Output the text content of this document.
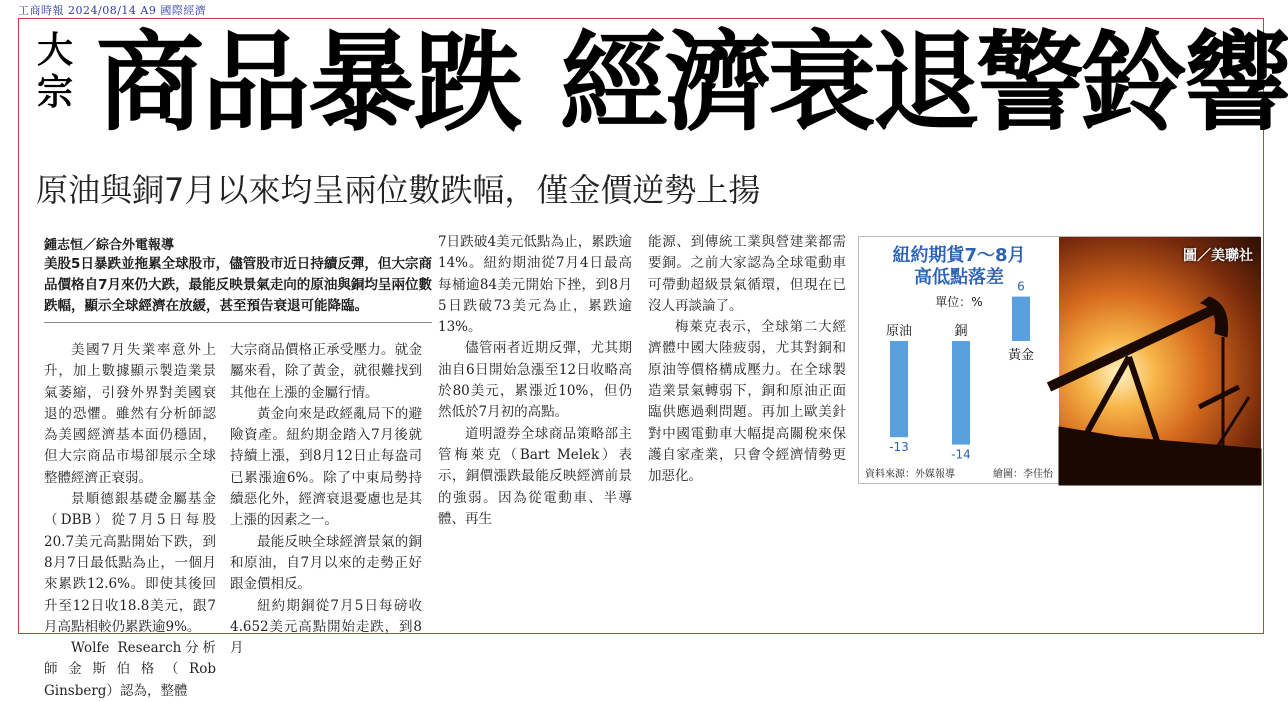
工商時報 2024/08/14 A9 國際經濟
大
宗 商品暴跌 經濟衰退警鈴響
原油與銅7月以來均呈兩位數跌幅，僅金價逆勢上揚
鍾志恒／綜合外電報導
美股5日暴跌並拖累全球股市，儘管股市近日持續反彈，但大宗商品價格自7月來仍大跌，最能反映景氣走向的原油與銅均呈兩位數跌幅，顯示全球經濟在放緩，甚至預告衰退可能降臨。

美國7月失業率意外上升，加上數據顯示製造業景氣萎縮，引發外界對美國衰退的恐懼。雖然有分析師認為美國經濟基本面仍穩固，但大宗商品市場卻展示全球整體經濟正衰弱。

景順德銀基礎金屬基金（DBB）從7月5日每股20.7美元高點開始下跌，到8月7日最低點為止，一個月來累跌12.6%。即使其後回升至12日收18.8美元，跟7月高點相較仍累跌逾9%。

Wolfe Research分析師金斯伯格（Rob Ginsberg）認為，整體

大宗商品價格正承受壓力。就金屬來看，除了黃金，就很難找到其他在上漲的金屬行情。

黃金向來是政經亂局下的避險資產。紐約期金踏入7月後就持續上漲，到8月12日止每盎司已累漲逾6%。除了中東局勢持續惡化外，經濟衰退憂慮也是其上漲的因素之一。

最能反映全球經濟景氣的銅和原油，自7月以來的走勢正好跟金價相反。

紐約期銅從7月5日每磅收4.652美元高點開始走跌，到8月

7日跌破4美元低點為止，累跌逾14%。紐約期油從7月4日最高每桶逾84美元開始下挫，到8月5日跌破73美元為止，累跌逾13%。

儘管兩者近期反彈，尤其期油自6日開始急漲至12日收略高於80美元，累漲近10%，但仍然低於7月初的高點。

道明證券全球商品策略部主管梅萊克（Bart Melek）表示，銅價漲跌最能反映經濟前景的強弱。因為從電動車、半導體、再生

能源、到傳統工業與營建業都需要銅。之前大家認為全球電動車可帶動超級景氣循環，但現在已沒人再談論了。

梅萊克表示，全球第二大經濟體中國大陸疲弱，尤其對銅和原油等價格構成壓力。在全球製造業景氣轉弱下，銅和原油正面臨供應過剩問題。再加上歐美針對中國電動車大幅提高關稅來保護自家產業，只會令經濟情勢更加惡化。

紐約期貨7～8月
高低點落差
單位：%
原油
-13
銅
-14
黃金
6
資料來源：外媒報導	繪圖：李佳怡
圖／美聯社
